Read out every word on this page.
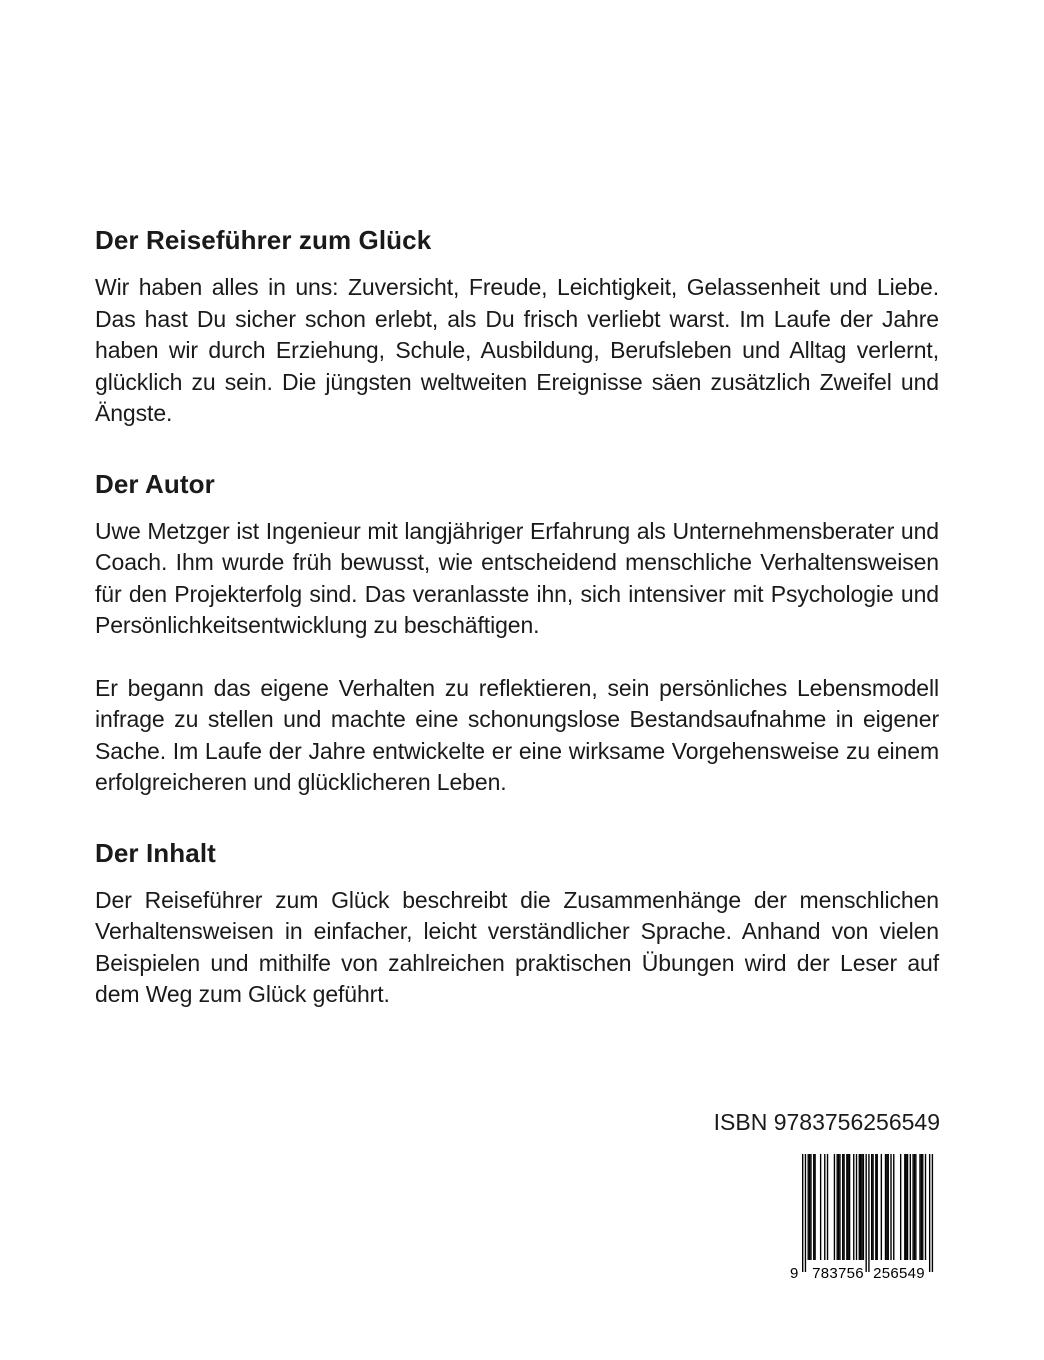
Der Reiseführer zum Glück

Wir haben alles in uns: Zuversicht, Freude, Leichtigkeit, Gelassenheit und Liebe. Das hast Du sicher schon erlebt, als Du frisch verliebt warst. Im Laufe der Jahre haben wir durch Erziehung, Schule, Ausbildung, Berufsleben und Alltag verlernt, glücklich zu sein. Die jüngsten weltweiten Ereignisse säen zusätzlich Zweifel und Ängste.

Der Autor

Uwe Metzger ist Ingenieur mit langjähriger Erfahrung als Unternehmensberater und Coach. Ihm wurde früh bewusst, wie entscheidend menschliche Verhaltensweisen für den Projekterfolg sind. Das veranlasste ihn, sich intensiver mit Psychologie und Persönlichkeitsentwicklung zu beschäftigen.

Er begann das eigene Verhalten zu reflektieren, sein persönliches Lebensmodell infrage zu stellen und machte eine schonungslose Bestandsaufnahme in eigener Sache. Im Laufe der Jahre entwickelte er eine wirksame Vorgehensweise zu einem erfolgreicheren und glücklicheren Leben.

Der Inhalt

Der Reiseführer zum Glück beschreibt die Zusammenhänge der menschlichen Verhaltensweisen in einfacher, leicht verständlicher Sprache. Anhand von vielen Beispielen und mithilfe von zahlreichen praktischen Übungen wird der Leser auf dem Weg zum Glück geführt.

ISBN 9783756256549
9 783756 256549
